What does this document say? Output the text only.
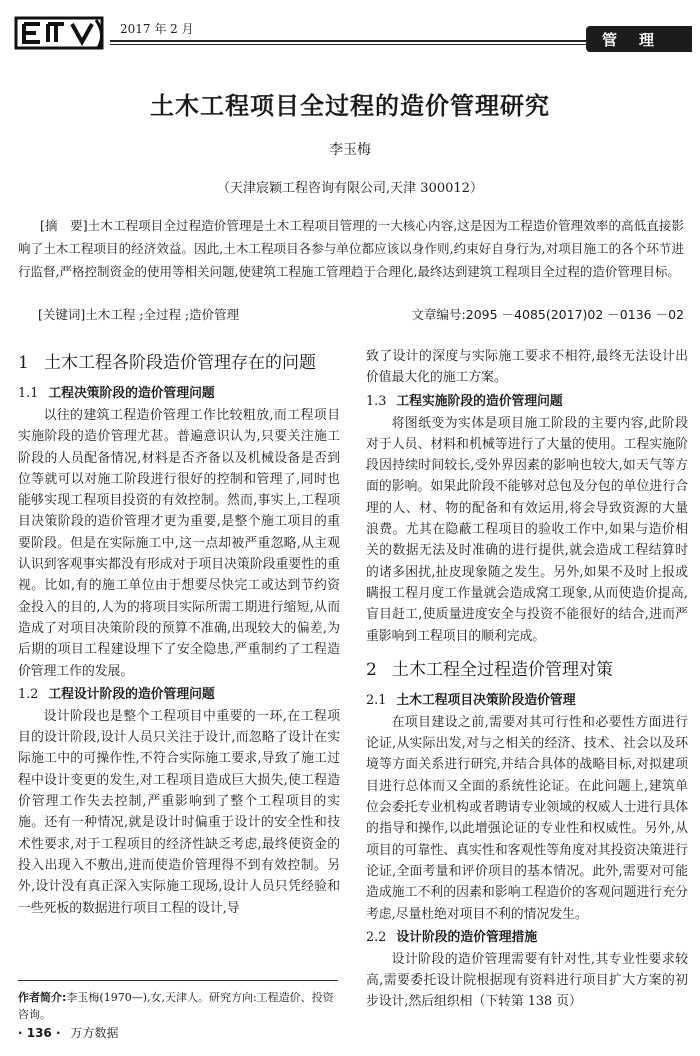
2017 年 2 月
管理
土木工程项目全过程的造价管理研究
李玉梅
（天津宸颖工程咨询有限公司,天津 300012）
[摘　要]土木工程项目全过程造价管理是土木工程项目管理的一大核心内容,这是因为工程造价管理效率的高低直接影响了土木工程项目的经济效益。因此,土木工程项目各参与单位都应该以身作则,约束好自身行为,对项目施工的各个环节进行监督,严格控制资金的使用等相关问题,使建筑工程施工管理趋于合理化,最终达到建筑工程项目全过程的造价管理目标。
[关键词]土木工程 ;全过程 ;造价管理	文章编号:2095 －4085(2017)02 －0136 －02
1 土木工程各阶段造价管理存在的问题
1.1 工程决策阶段的造价管理问题

以往的建筑工程造价管理工作比较粗放,而工程项目实施阶段的造价管理尤甚。普遍意识认为,只要关注施工阶段的人员配备情况,材料是否齐备以及机械设备是否到位等就可以对施工阶段进行很好的控制和管理了,同时也能够实现工程项目投资的有效控制。然而,事实上,工程项目决策阶段的造价管理才更为重要,是整个施工项目的重要阶段。但是在实际施工中,这一点却被严重忽略,从主观认识到客观事实都没有形成对于项目决策阶段重要性的重视。比如,有的施工单位由于想要尽快完工或达到节约资金投入的目的,人为的将项目实际所需工期进行缩短,从而造成了对项目决策阶段的预算不准确,出现较大的偏差,为后期的项目工程建设埋下了安全隐患,严重制约了工程造价管理工作的发展。

1.2 工程设计阶段的造价管理问题

设计阶段也是整个工程项目中重要的一环,在工程项目的设计阶段,设计人员只关注于设计,而忽略了设计在实际施工中的可操作性,不符合实际施工要求,导致了施工过程中设计变更的发生,对工程项目造成巨大损失,使工程造价管理工作失去控制,严重影响到了整个工程项目的实施。还有一种情况,就是设计时偏重于设计的安全性和技术性要求,对于工程项目的经济性缺乏考虑,最终使资金的投入出现入不敷出,进而使造价管理得不到有效控制。另外,设计没有真正深入实际施工现场,设计人员只凭经验和一些死板的数据进行项目工程的设计,导

致了设计的深度与实际施工要求不相符,最终无法设计出价值最大化的施工方案。

1.3 工程实施阶段的造价管理问题

将图纸变为实体是项目施工阶段的主要内容,此阶段对于人员、材料和机械等进行了大量的使用。工程实施阶段因持续时间较长,受外界因素的影响也较大,如天气等方面的影响。如果此阶段不能够对总包及分包的单位进行合理的人、材、物的配备和有效运用,将会导致资源的大量浪费。尤其在隐蔽工程项目的验收工作中,如果与造价相关的数据无法及时准确的进行提供,就会造成工程结算时的诸多困扰,扯皮现象随之发生。另外,如果不及时上报或瞒报工程月度工作量就会造成窝工现象,从而使造价提高,盲目赶工,使质量进度安全与投资不能很好的结合,进而严重影响到工程项目的顺利完成。

2 土木工程全过程造价管理对策
2.1 土木工程项目决策阶段造价管理

在项目建设之前,需要对其可行性和必要性方面进行论证,从实际出发,对与之相关的经济、技术、社会以及环境等方面关系进行研究,并结合具体的战略目标,对拟建项目进行总体而又全面的系统性论证。在此问题上,建筑单位会委托专业机构或者聘请专业领域的权威人士进行具体的指导和操作,以此增强论证的专业性和权威性。另外,从项目的可靠性、真实性和客观性等角度对其投资决策进行论证,全面考量和评价项目的基本情况。此外,需要对可能造成施工不利的因素和影响工程造价的客观问题进行充分考虑,尽量杜绝对项目不利的情况发生。

2.2 设计阶段的造价管理措施

设计阶段的造价管理需要有针对性,其专业性要求较高,需要委托设计院根据现有资料进行项目扩大方案的初步设计,然后组织相（下转第 138 页）

作者简介:李玉梅(1970—),女,天津人。研究方向:工程造价、投资咨询。
· 136 · 万方数据
